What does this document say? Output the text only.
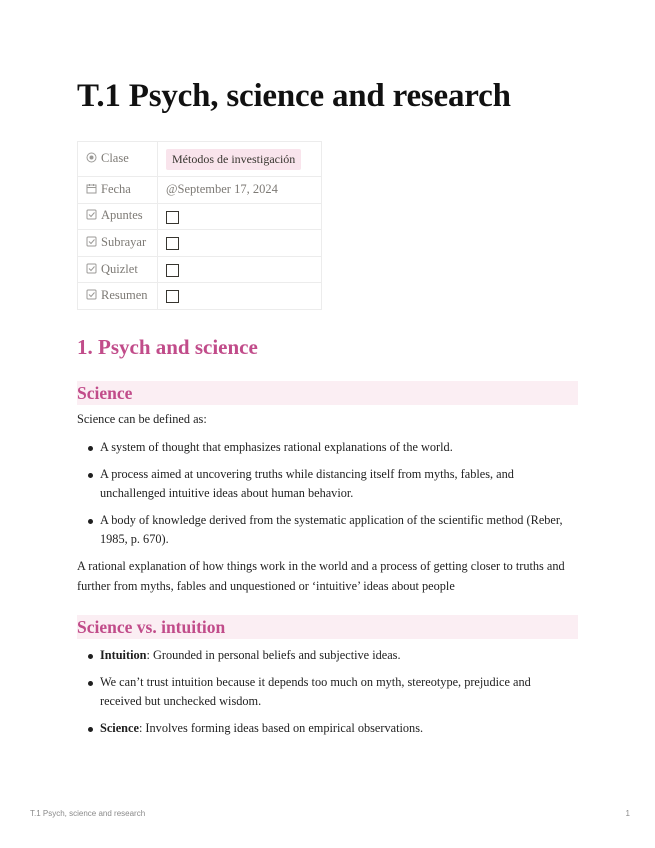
T.1 Psych, science and research
Clase	Métodos de investigación
Fecha	@September 17, 2024
Apuntes	
Subrayar	
Quizlet	
Resumen	
1. Psych and science
Science

Science can be defined as:

A system of thought that emphasizes rational explanations of the world.
A process aimed at uncovering truths while distancing itself from myths, fables, and unchallenged intuitive ideas about human behavior.
A body of knowledge derived from the systematic application of the scientific method (Reber, 1985, p. 670).

A rational explanation of how things work in the world and a process of getting closer to truths and further from myths, fables and unquestioned or ‘intuitive’ ideas about people

Science vs. intuition
Intuition: Grounded in personal beliefs and subjective ideas.
We can’t trust intuition because it depends too much on myth, stereotype, prejudice and received but unchecked wisdom.
Science: Involves forming ideas based on empirical observations.
T.1 Psych, science and research	1
